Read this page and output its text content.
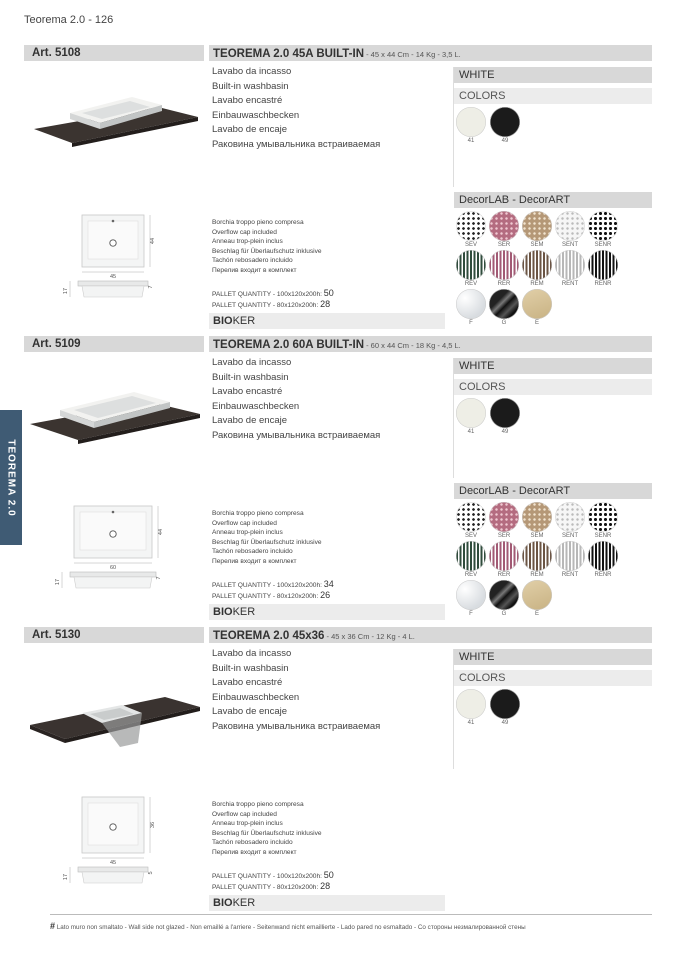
Teorema 2.0 - 126
TEOREMA 2.0
Art. 5108	TEOREMA 2.0 45A BUILT-IN - 45 x 44 Cm - 14 Kg - 3,5 L.
Lavabo da incasso
Built-in washbasin
Lavabo encastré
Einbauwaschbecken
Lavabo de encaje
Раковина умывальника встраиваемая
WHITE
COLORS
41	49
DecorLAB - DecorART
SEV	SER	SEM	SENT	SENR
REV	RER	REM	RENT	RENR
F	G	E
45
44
17
7
Borchia troppo pieno compresa
Overflow cap included
Anneau trop-plein inclus
Beschlag für Überlaufschutz inklusive
Tachón rebosadero incluido
Перелив входит в комплект
PALLET QUANTITY - 100x120x200h: 50
PALLET QUANTITY - 80x120x200h: 28
BIOKER
Art. 5109	TEOREMA 2.0 60A BUILT-IN - 60 x 44 Cm - 18 Kg - 4,5 L.
Lavabo da incasso
Built-in washbasin
Lavabo encastré
Einbauwaschbecken
Lavabo de encaje
Раковина умывальника встраиваемая
WHITE
COLORS
41	49
DecorLAB - DecorART
SEV	SER	SEM	SENT	SENR
REV	RER	REM	RENT	RENR
F	G	E
60
44
17
7
Borchia troppo pieno compresa
Overflow cap included
Anneau trop-plein inclus
Beschlag für Überlaufschutz inklusive
Tachón rebosadero incluido
Перелив входит в комплект
PALLET QUANTITY - 100x120x200h: 34
PALLET QUANTITY - 80x120x200h: 26
BIOKER
Art. 5130	TEOREMA 2.0 45x36 - 45 x 36 Cm - 12 Kg - 4 L.
Lavabo da incasso
Built-in washbasin
Lavabo encastré
Einbauwaschbecken
Lavabo de encaje
Раковина умывальника встраиваемая
WHITE
COLORS
41	49
45
36
17
5
Borchia troppo pieno compresa
Overflow cap included
Anneau trop-plein inclus
Beschlag für Überlaufschutz inklusive
Tachón rebosadero incluido
Перелив входит в комплект
PALLET QUANTITY - 100x120x200h: 50
PALLET QUANTITY - 80x120x200h: 28
BIOKER
# Lato muro non smaltato - Wall side not glazed - Non emaillé a l'arriere - Seitenwand nicht emaillierte - Lado pared no esmaltado - Со стороны незмалированной стены
